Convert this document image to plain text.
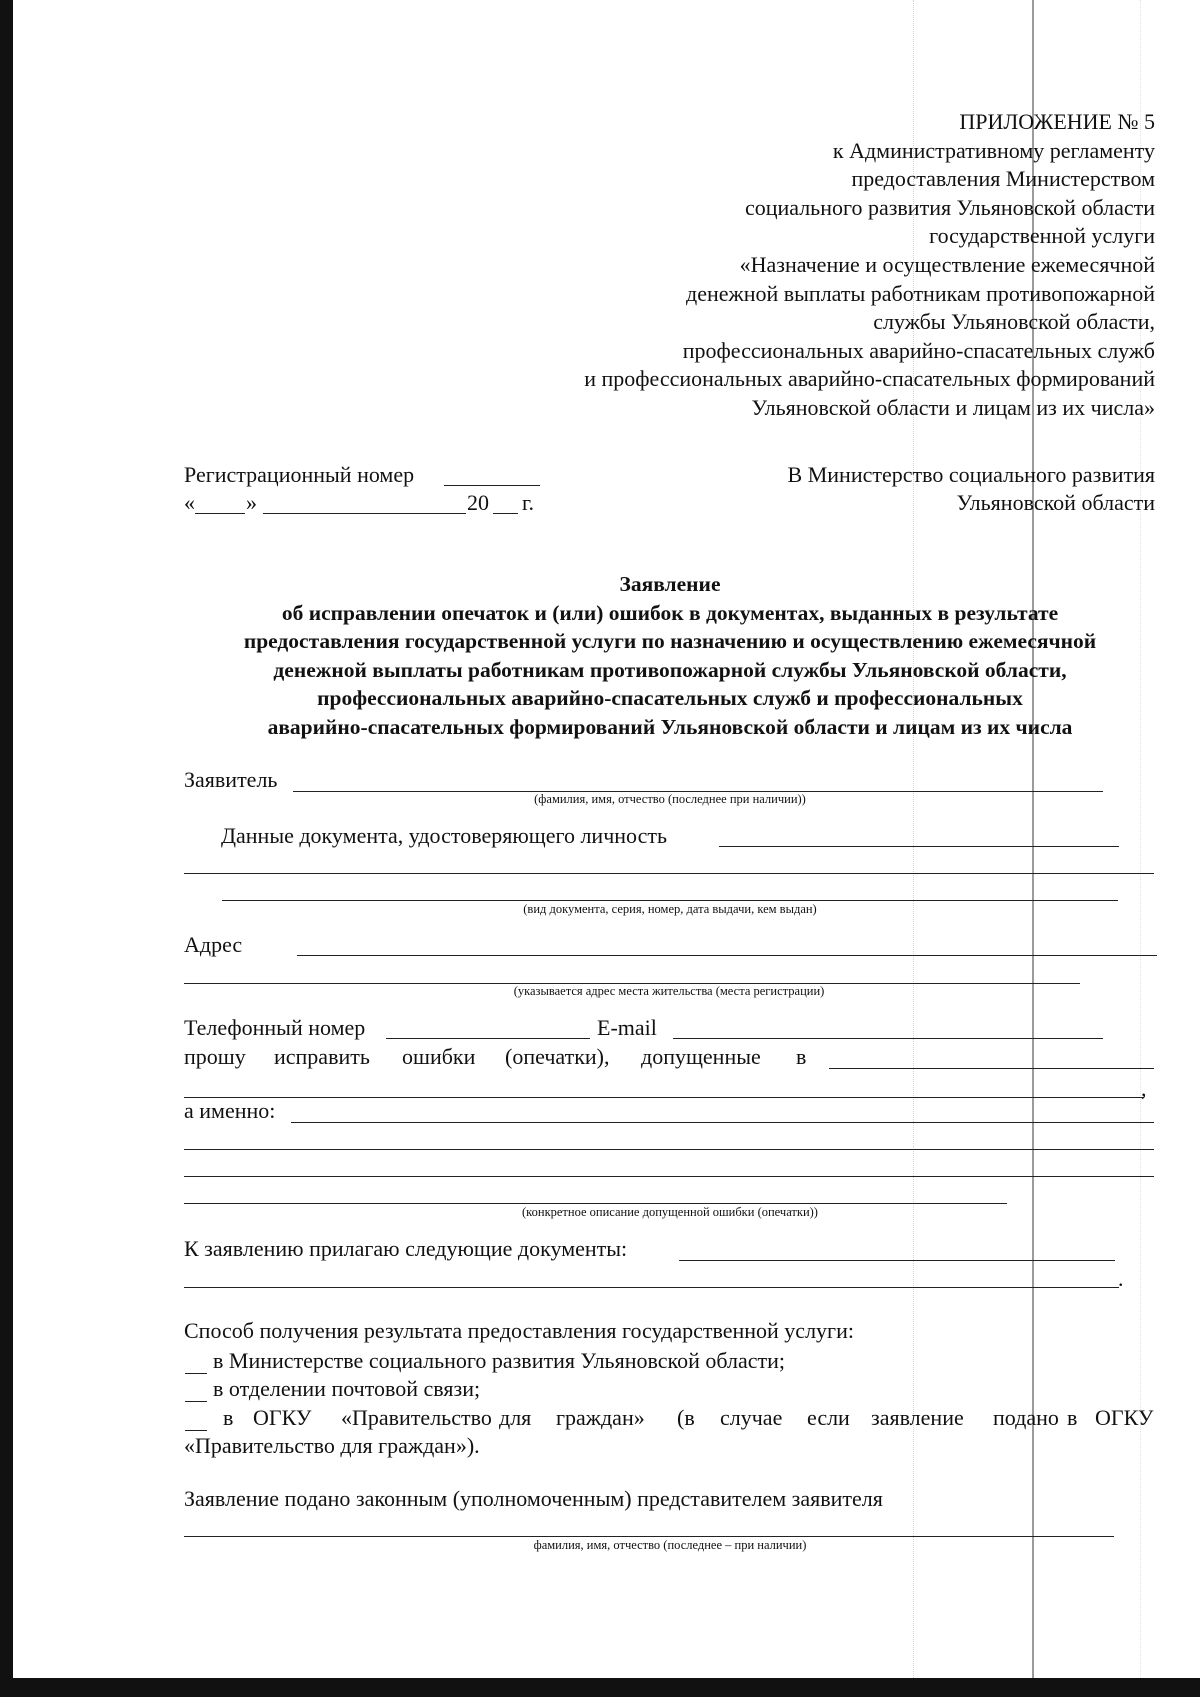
ПРИЛОЖЕНИЕ № 5
к Административному регламенту
предоставления Министерством
социального развития Ульяновской области
государственной услуги
«Назначение и осуществление ежемесячной
денежной выплаты работникам противопожарной
службы Ульяновской области,
профессиональных аварийно-спасательных служб
и профессиональных аварийно-спасательных формирований
Ульяновской области и лицам из их числа»
Регистрационный номер
« »	20 г.
В Министерство социального развития
Ульяновской области
Заявление
об исправлении опечаток и (или) ошибок в документах, выданных в результате
предоставления государственной услуги по назначению и осуществлению ежемесячной
денежной выплаты работникам противопожарной службы Ульяновской области,
профессиональных аварийно-спасательных служб и профессиональных
аварийно-спасательных формирований Ульяновской области и лицам из их числа
Заявитель
(фамилия, имя, отчество (последнее при наличии))
Данные документа, удостоверяющего личность
(вид документа, серия, номер, дата выдачи, кем выдан)
Адрес
(указывается адрес места жительства (места регистрации)
Телефонный номер	E-mail
прошу исправить ошибки (опечатки), допущенные в
,
а именно:
(конкретное описание допущенной ошибки (опечатки))
К заявлению прилагаю следующие документы:
.
Способ получения результата предоставления государственной услуги:
в Министерстве социального развития Ульяновской области;
в отделении почтовой связи;
в ОГКУ «Правительство для граждан» (в случае если заявление подано в ОГКУ
«Правительство для граждан»).
Заявление подано законным (уполномоченным) представителем заявителя
фамилия, имя, отчество (последнее – при наличии)
